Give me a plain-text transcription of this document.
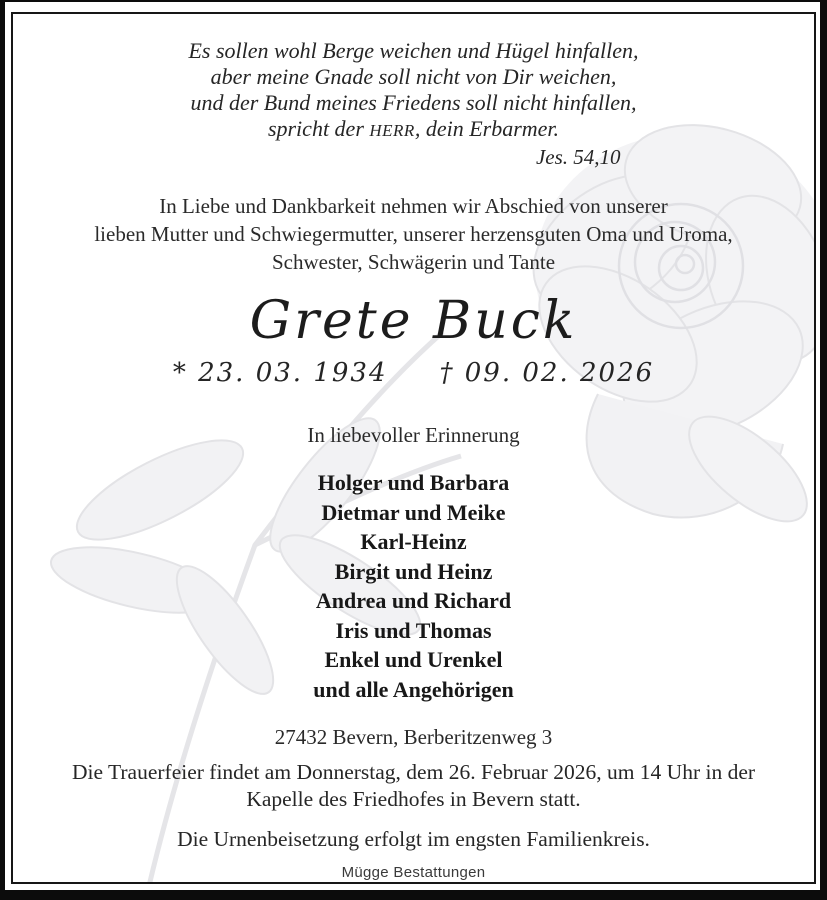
Es sollen wohl Berge weichen und Hügel hinfallen,
aber meine Gnade soll nicht von Dir weichen,
und der Bund meines Friedens soll nicht hinfallen,
spricht der HERR, dein Erbarmer.
Jes. 54,10
In Liebe und Dankbarkeit nehmen wir Abschied von unserer
lieben Mutter und Schwiegermutter, unserer herzensguten Oma und Uroma,
Schwester, Schwägerin und Tante
Grete Buck
* 23. 03. 1934 † 09. 02. 2026
In liebevoller Erinnerung
Holger und Barbara
Dietmar und Meike
Karl-Heinz
Birgit und Heinz
Andrea und Richard
Iris und Thomas
Enkel und Urenkel
und alle Angehörigen
27432 Bevern, Berberitzenweg 3
Die Trauerfeier findet am Donnerstag, dem 26. Februar 2026, um 14 Uhr in der
Kapelle des Friedhofes in Bevern statt.
Die Urnenbeisetzung erfolgt im engsten Familienkreis.
Mügge Bestattungen
